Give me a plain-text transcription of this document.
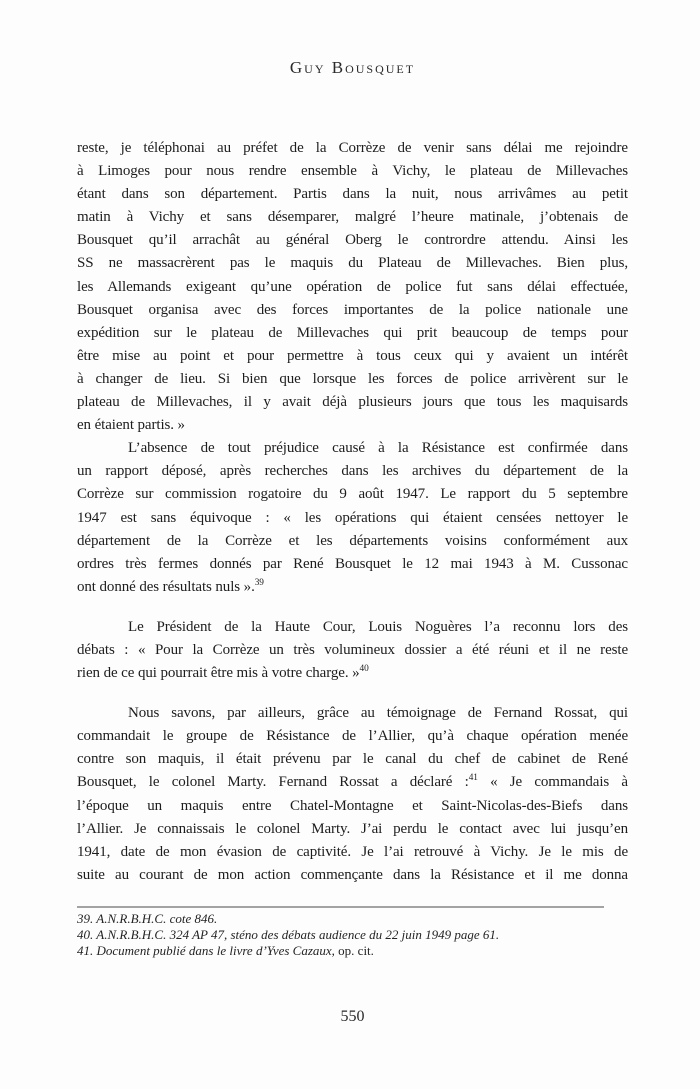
Guy Bousquet
reste, je téléphonai au préfet de la Corrèze de venir sans délai me rejoindre
à Limoges pour nous rendre ensemble à Vichy, le plateau de Millevaches
étant dans son département. Partis dans la nuit, nous arrivâmes au petit
matin à Vichy et sans désemparer, malgré l’heure matinale, j’obtenais de
Bousquet qu’il arrachât au général Oberg le contrordre attendu. Ainsi les
SS ne massacrèrent pas le maquis du Plateau de Millevaches. Bien plus,
les Allemands exigeant qu’une opération de police fut sans délai effectuée,
Bousquet organisa avec des forces importantes de la police nationale une
expédition sur le plateau de Millevaches qui prit beaucoup de temps pour
être mise au point et pour permettre à tous ceux qui y avaient un intérêt
à changer de lieu. Si bien que lorsque les forces de police arrivèrent sur le
plateau de Millevaches, il y avait déjà plusieurs jours que tous les maquisards
en étaient partis. »
L’absence de tout préjudice causé à la Résistance est confirmée dans
un rapport déposé, après recherches dans les archives du département de la
Corrèze sur commission rogatoire du 9 août 1947. Le rapport du 5 septembre
1947 est sans équivoque : « les opérations qui étaient censées nettoyer le
département de la Corrèze et les départements voisins conformément aux
ordres très fermes donnés par René Bousquet le 12 mai 1943 à M. Cussonac
ont donné des résultats nuls ».$^{39}$
Le Président de la Haute Cour, Louis Noguères l’a reconnu lors des
débats : « Pour la Corrèze un très volumineux dossier a été réuni et il ne reste
rien de ce qui pourrait être mis à votre charge. »$^{40}$
Nous savons, par ailleurs, grâce au témoignage de Fernand Rossat, qui
commandait le groupe de Résistance de l’Allier, qu’à chaque opération menée
contre son maquis, il était prévenu par le canal du chef de cabinet de René
Bousquet, le colonel Marty. Fernand Rossat a déclaré :$^{41}$ « Je commandais à
l’époque un maquis entre Chatel-Montagne et Saint-Nicolas-des-Biefs dans
l’Allier. Je connaissais le colonel Marty. J’ai perdu le contact avec lui jusqu’en
1941, date de mon évasion de captivité. Je l’ai retrouvé à Vichy. Je le mis de
suite au courant de mon action commençante dans la Résistance et il me donna
39. A.N.R.B.H.C. cote 846.
40. A.N.R.B.H.C. 324 AP 47, sténo des débats audience du 22 juin 1949 page 61.
41. Document publié dans le livre d’Yves Cazaux, op. cit.
550
